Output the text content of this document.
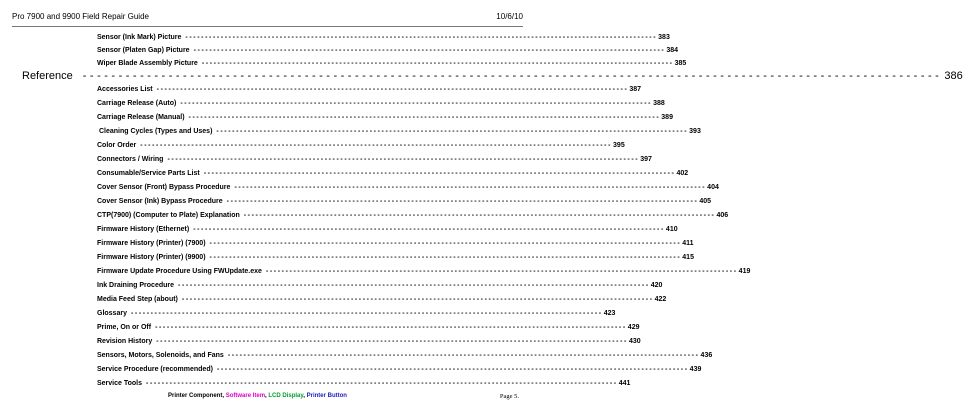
Pro 7900 and 9900 Field Repair Guide	10/6/10
Sensor (Ink Mark) Picture ------------------------------------------------------------------------------------------------------------------------ 383
Sensor (Platen Gap) Picture ------------------------------------------------------------------------------------------------------------------------ 384
Wiper Blade Assembly Picture ------------------------------------------------------------------------------------------------------------------------ 385
Reference ------------------------------------------------------------------------------------------------------------------------ 386
Accessories List ------------------------------------------------------------------------------------------------------------------------ 387
Carriage Release (Auto) ------------------------------------------------------------------------------------------------------------------------ 388
Carriage Release (Manual) ------------------------------------------------------------------------------------------------------------------------ 389
Cleaning Cycles (Types and Uses) ------------------------------------------------------------------------------------------------------------------------ 393
Color Order ------------------------------------------------------------------------------------------------------------------------ 395
Connectors / Wiring ------------------------------------------------------------------------------------------------------------------------ 397
Consumable/Service Parts List ------------------------------------------------------------------------------------------------------------------------ 402
Cover Sensor (Front) Bypass Procedure ------------------------------------------------------------------------------------------------------------------------ 404
Cover Sensor (Ink) Bypass Procedure ------------------------------------------------------------------------------------------------------------------------ 405
CTP(7900) (Computer to Plate) Explanation ------------------------------------------------------------------------------------------------------------------------ 406
Firmware History (Ethernet) ------------------------------------------------------------------------------------------------------------------------ 410
Firmware History (Printer) (7900) ------------------------------------------------------------------------------------------------------------------------ 411
Firmware History (Printer) (9900) ------------------------------------------------------------------------------------------------------------------------ 415
Firmware Update Procedure Using FWUpdate.exe ------------------------------------------------------------------------------------------------------------------------ 419
Ink Draining Procedure ------------------------------------------------------------------------------------------------------------------------ 420
Media Feed Step (about) ------------------------------------------------------------------------------------------------------------------------ 422
Glossary ------------------------------------------------------------------------------------------------------------------------ 423
Prime, On or Off ------------------------------------------------------------------------------------------------------------------------ 429
Revision History ------------------------------------------------------------------------------------------------------------------------ 430
Sensors, Motors, Solenoids, and Fans ------------------------------------------------------------------------------------------------------------------------ 436
Service Procedure (recommended) ------------------------------------------------------------------------------------------------------------------------ 439
Service Tools ------------------------------------------------------------------------------------------------------------------------ 441
Printer Component, Software Item, LCD Display, Printer Button	Page 5.
